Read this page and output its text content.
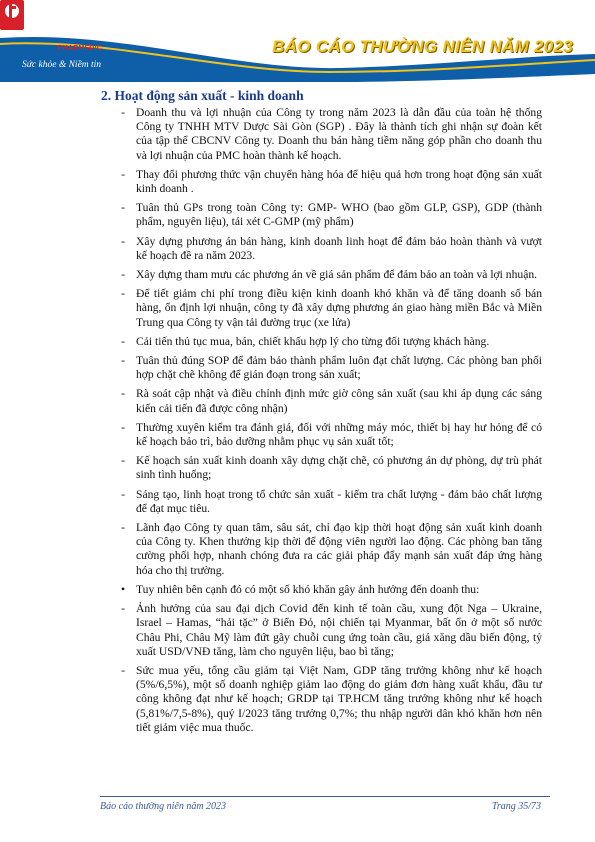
PHARMEDIC
Sức khỏe & Niềm tin
BÁO CÁO THƯỜNG NIÊN NĂM 2023
2. Hoạt động sản xuất - kinh doanh
- Doanh thu và lợi nhuận của Công ty trong năm 2023 là dẫn đầu của toàn hệ thống Công ty TNHH MTV Dược Sài Gòn (SGP) . Đây là thành tích ghi nhận sự đoàn kết của tập thể CBCNV Công ty. Doanh thu bán hàng tiềm năng góp phần cho doanh thu và lợi nhuận của PMC hoàn thành kế hoạch.
- Thay đổi phương thức vận chuyển hàng hóa để hiệu quả hơn trong hoạt động sản xuất kinh doanh .
- Tuân thủ GPs trong toàn Công ty: GMP- WHO (bao gồm GLP, GSP), GDP (thành phẩm, nguyên liệu), tái xét C-GMP (mỹ phẩm)
- Xây dựng phương án bán hàng, kinh doanh linh hoạt để đảm bảo hoàn thành và vượt kế hoạch đề ra năm 2023.
- Xây dựng tham mưu các phương án về giá sản phẩm để đảm bảo an toàn và lợi nhuận.
- Để tiết giảm chi phí trong điều kiện kinh doanh khó khăn và để tăng doanh số bán hàng, ổn định lợi nhuận, công ty đã xây dựng phương án giao hàng miền Bắc và Miền Trung qua Công ty vận tải đường trục (xe lửa)
- Cải tiến thủ tục mua, bán, chiết khấu hợp lý cho từng đối tượng khách hàng.
- Tuân thủ đúng SOP để đảm bảo thành phẩm luôn đạt chất lượng. Các phòng ban phối hợp chặt chẽ không để gián đoạn trong sản xuất;
- Rà soát cập nhật và điều chỉnh định mức giờ công sản xuất (sau khi áp dụng các sáng kiến cải tiến đã được công nhận)
- Thường xuyên kiểm tra đánh giá, đối với những máy móc, thiết bị hay hư hỏng để có kế hoạch bảo trì, bảo dưỡng nhằm phục vụ sản xuất tốt;
- Kế hoạch sản xuất kinh doanh xây dựng chặt chẽ, có phương án dự phòng, dự trù phát sinh tình huống;
- Sáng tạo, linh hoạt trong tổ chức sản xuất - kiểm tra chất lượng - đảm bảo chất lượng để đạt mục tiêu.
- Lãnh đạo Công ty quan tâm, sâu sát, chỉ đạo kịp thời hoạt động sản xuất kinh doanh của Công ty. Khen thưởng kịp thời để động viên người lao động. Các phòng ban tăng cường phối hợp, nhanh chóng đưa ra các giải pháp đẩy mạnh sản xuất đáp ứng hàng hóa cho thị trường.
• Tuy nhiên bên cạnh đó có một số khó khăn gây ảnh hưởng đến doanh thu:
- Ảnh hưởng của sau đại dịch Covid đến kinh tế toàn cầu, xung đột Nga – Ukraine, Israel – Hamas, “hải tặc” ở Biển Đỏ, nội chiến tại Myanmar, bất ổn ở một số nước Châu Phi, Châu Mỹ làm đứt gãy chuỗi cung ứng toàn cầu, giá xăng dầu biến động, tỷ xuất USD/VNĐ tăng, làm cho nguyên liệu, bao bì tăng;
- Sức mua yếu, tổng cầu giảm tại Việt Nam, GDP tăng trưởng không như kế hoạch (5%/6,5%), một số doanh nghiệp giảm lao động do giảm đơn hàng xuất khẩu, đầu tư công không đạt như kế hoạch; GRDP tại TP.HCM tăng trưởng không như kế hoạch (5,81%/7,5-8%), quý I/2023 tăng trưởng 0,7%; thu nhập người dân khó khăn hơn nên tiết giảm việc mua thuốc.
Báo cáo thường niên năm 2023	Trang 35/73
